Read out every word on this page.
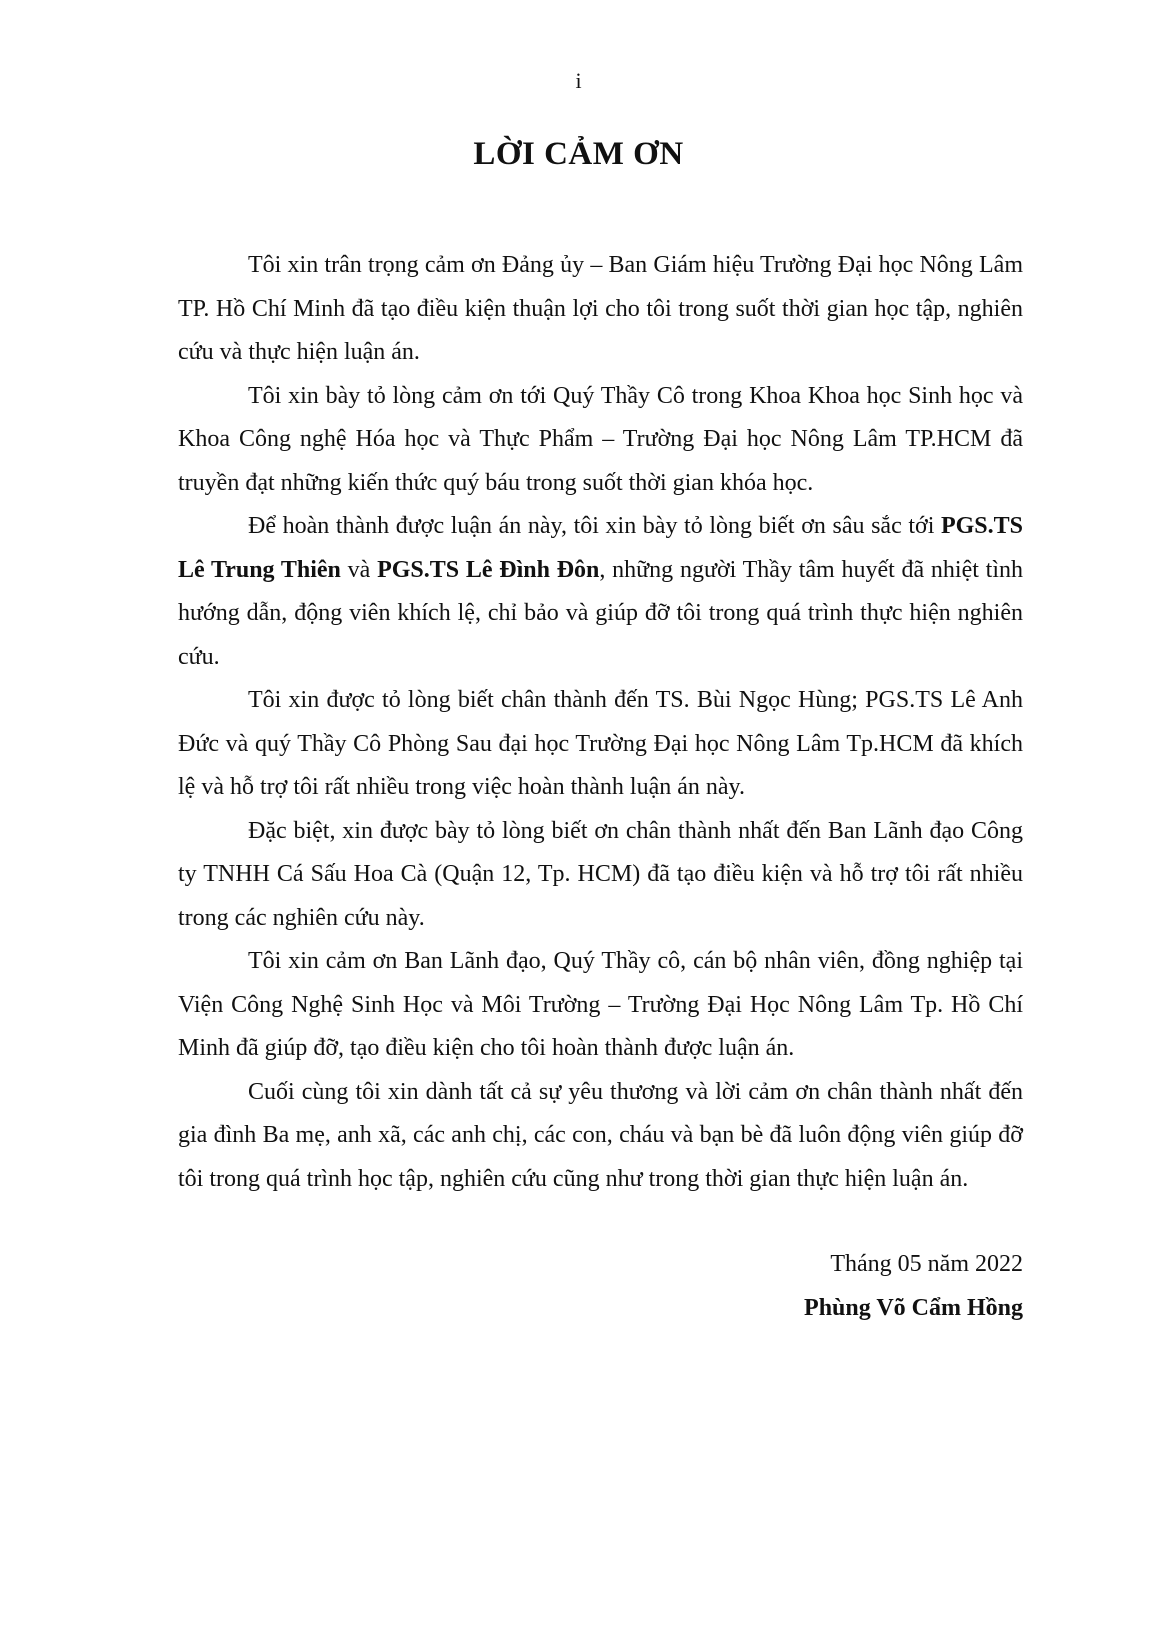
i
LỜI CẢM ƠN

Tôi xin trân trọng cảm ơn Đảng ủy – Ban Giám hiệu Trường Đại học Nông Lâm TP. Hồ Chí Minh đã tạo điều kiện thuận lợi cho tôi trong suốt thời gian học tập, nghiên cứu và thực hiện luận án.

Tôi xin bày tỏ lòng cảm ơn tới Quý Thầy Cô trong Khoa Khoa học Sinh học và Khoa Công nghệ Hóa học và Thực Phẩm – Trường Đại học Nông Lâm TP.HCM đã truyền đạt những kiến thức quý báu trong suốt thời gian khóa học.

Để hoàn thành được luận án này, tôi xin bày tỏ lòng biết ơn sâu sắc tới PGS.TS Lê Trung Thiên và PGS.TS Lê Đình Đôn, những người Thầy tâm huyết đã nhiệt tình hướng dẫn, động viên khích lệ, chỉ bảo và giúp đỡ tôi trong quá trình thực hiện nghiên cứu.

Tôi xin được tỏ lòng biết chân thành đến TS. Bùi Ngọc Hùng; PGS.TS Lê Anh Đức và quý Thầy Cô Phòng Sau đại học Trường Đại học Nông Lâm Tp.HCM đã khích lệ và hỗ trợ tôi rất nhiều trong việc hoàn thành luận án này.

Đặc biệt, xin được bày tỏ lòng biết ơn chân thành nhất đến Ban Lãnh đạo Công ty TNHH Cá Sấu Hoa Cà (Quận 12, Tp. HCM) đã tạo điều kiện và hỗ trợ tôi rất nhiều trong các nghiên cứu này.

Tôi xin cảm ơn Ban Lãnh đạo, Quý Thầy cô, cán bộ nhân viên, đồng nghiệp tại Viện Công Nghệ Sinh Học và Môi Trường – Trường Đại Học Nông Lâm Tp. Hồ Chí Minh đã giúp đỡ, tạo điều kiện cho tôi hoàn thành được luận án.

Cuối cùng tôi xin dành tất cả sự yêu thương và lời cảm ơn chân thành nhất đến gia đình Ba mẹ, anh xã, các anh chị, các con, cháu và bạn bè đã luôn động viên giúp đỡ tôi trong quá trình học tập, nghiên cứu cũng như trong thời gian thực hiện luận án.

Tháng 05 năm 2022
Phùng Võ Cẩm Hồng
